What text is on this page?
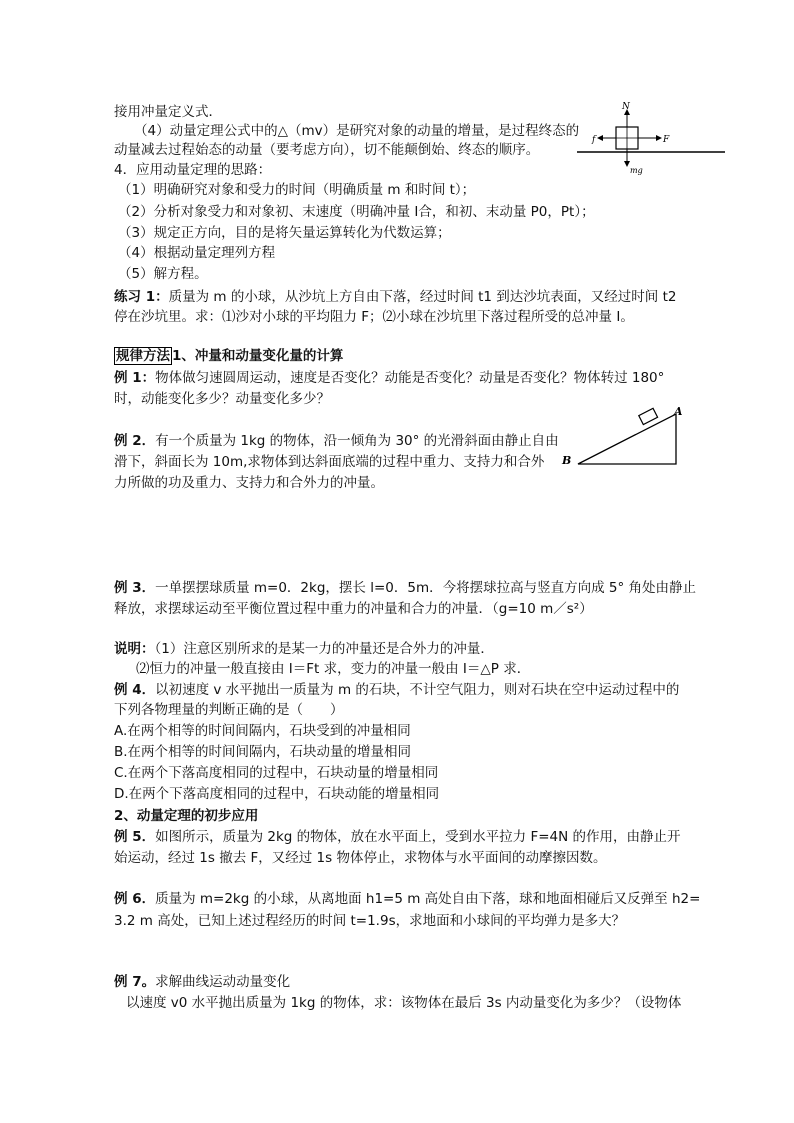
接用冲量定义式．
（4）动量定理公式中的△（mv）是研究对象的动量的增量，是过程终态的
动量减去过程始态的动量（要考虑方向），切不能颠倒始、终态的顺序。
4．应用动量定理的思路：
（1）明确研究对象和受力的时间（明确质量 m 和时间 t）；
（2）分析对象受力和对象初、末速度（明确冲量 I合，和初、末动量 P0，Pt）；
（3）规定正方向，目的是将矢量运算转化为代数运算；
（4）根据动量定理列方程
（5）解方程。
练习 1：质量为 m 的小球，从沙坑上方自由下落，经过时间 t1 到达沙坑表面，又经过时间 t2
停在沙坑里。求：⑴沙对小球的平均阻力 F；⑵小球在沙坑里下落过程所受的总冲量 I。
规律方法 1、冲量和动量变化量的计算
例 1：物体做匀速圆周运动，速度是否变化？动能是否变化？动量是否变化？物体转过 180°
时，动能变化多少？动量变化多少？
例 2．有一个质量为 1kg 的物体，沿一倾角为 30° 的光滑斜面由静止自由
滑下，斜面长为 10m,求物体到达斜面底端的过程中重力、支持力和合外
力所做的功及重力、支持力和合外力的冲量。
例 3．一单摆摆球质量 m=0．2kg，摆长 l=0．5m．今将摆球拉高与竖直方向成 5° 角处由静止
释放，求摆球运动至平衡位置过程中重力的冲量和合力的冲量．（g=10 m／s²）
说明：（1）注意区别所求的是某一力的冲量还是合外力的冲量．
⑵恒力的冲量一般直接由 I＝Ft 求，变力的冲量一般由 I＝△P 求．
例 4．以初速度 v 水平抛出一质量为 m 的石块，不计空气阻力，则对石块在空中运动过程中的
下列各物理量的判断正确的是（　　）
A.在两个相等的时间间隔内，石块受到的冲量相同
B.在两个相等的时间间隔内，石块动量的增量相同
C.在两个下落高度相同的过程中，石块动量的增量相同
D.在两个下落高度相同的过程中，石块动能的增量相同
2、动量定理的初步应用
例 5．如图所示，质量为 2kg 的物体，放在水平面上，受到水平拉力 F=4N 的作用，由静止开
始运动，经过 1s 撤去 F，又经过 1s 物体停止，求物体与水平面间的动摩擦因数。
例 6．质量为 m=2kg 的小球，从离地面 h1=5 m 高处自由下落，球和地面相碰后又反弹至 h2=
3.2 m 高处，已知上述过程经历的时间 t=1.9s，求地面和小球间的平均弹力是多大？
例 7。求解曲线运动动量变化
以速度 v0 水平抛出质量为 1kg 的物体，求：该物体在最后 3s 内动量变化为多少？（设物体
N
f	F
mg
A
B
